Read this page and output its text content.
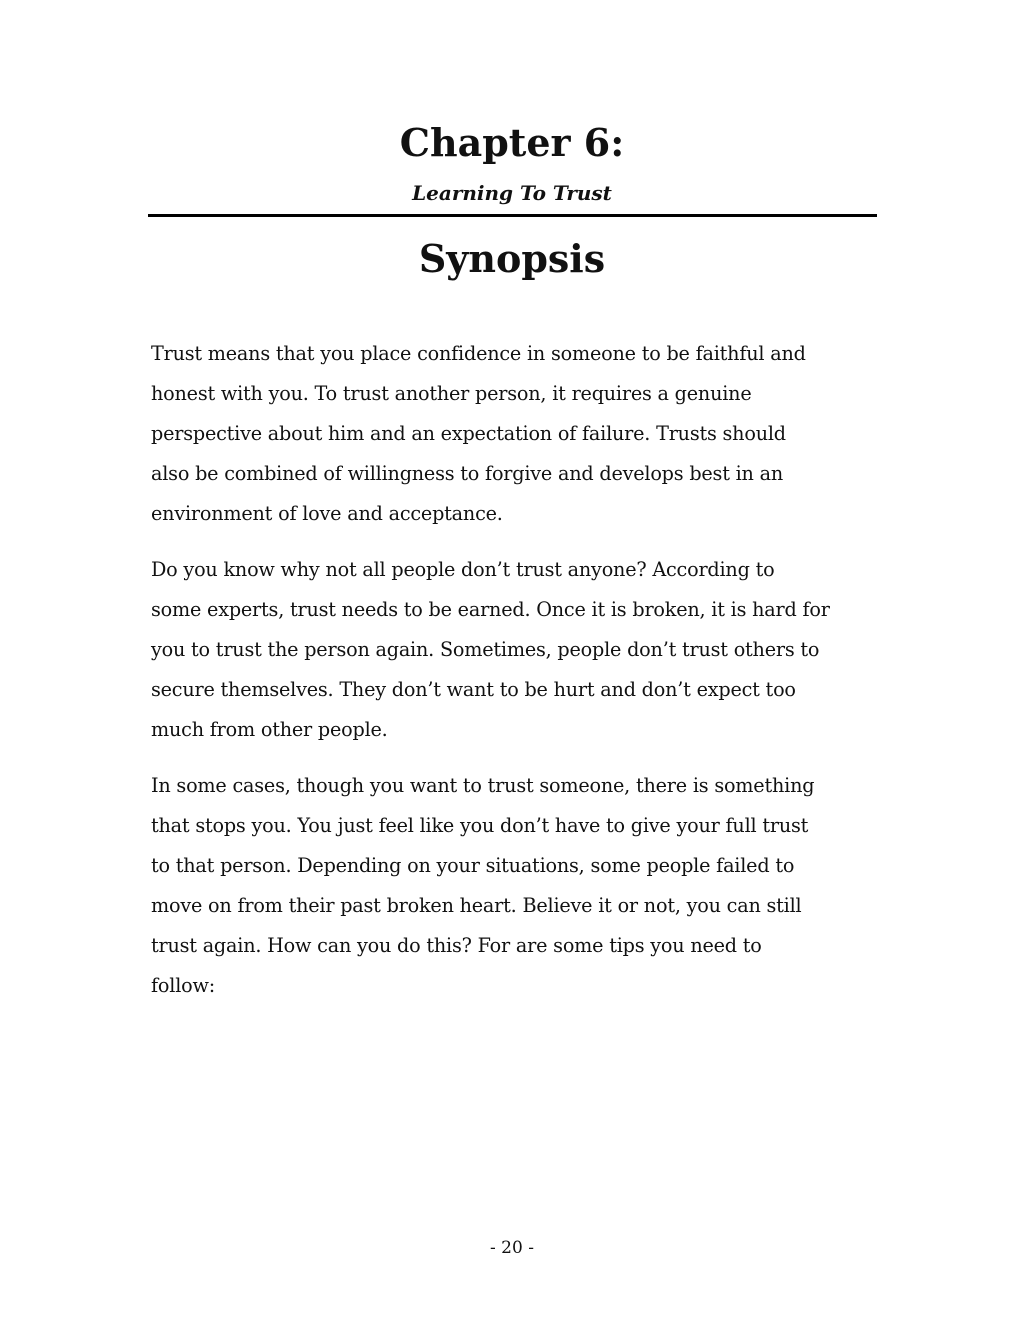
Chapter 6:

Learning To Trust

Synopsis

Trust means that you place confidence in someone to be faithful and
honest with you. To trust another person, it requires a genuine
perspective about him and an expectation of failure. Trusts should
also be combined of willingness to forgive and develops best in an
environment of love and acceptance.

Do you know why not all people don’t trust anyone? According to
some experts, trust needs to be earned. Once it is broken, it is hard for
you to trust the person again. Sometimes, people don’t trust others to
secure themselves. They don’t want to be hurt and don’t expect too
much from other people.

In some cases, though you want to trust someone, there is something
that stops you. You just feel like you don’t have to give your full trust
to that person. Depending on your situations, some people failed to
move on from their past broken heart. Believe it or not, you can still
trust again. How can you do this? For are some tips you need to
follow:

- 20 -
